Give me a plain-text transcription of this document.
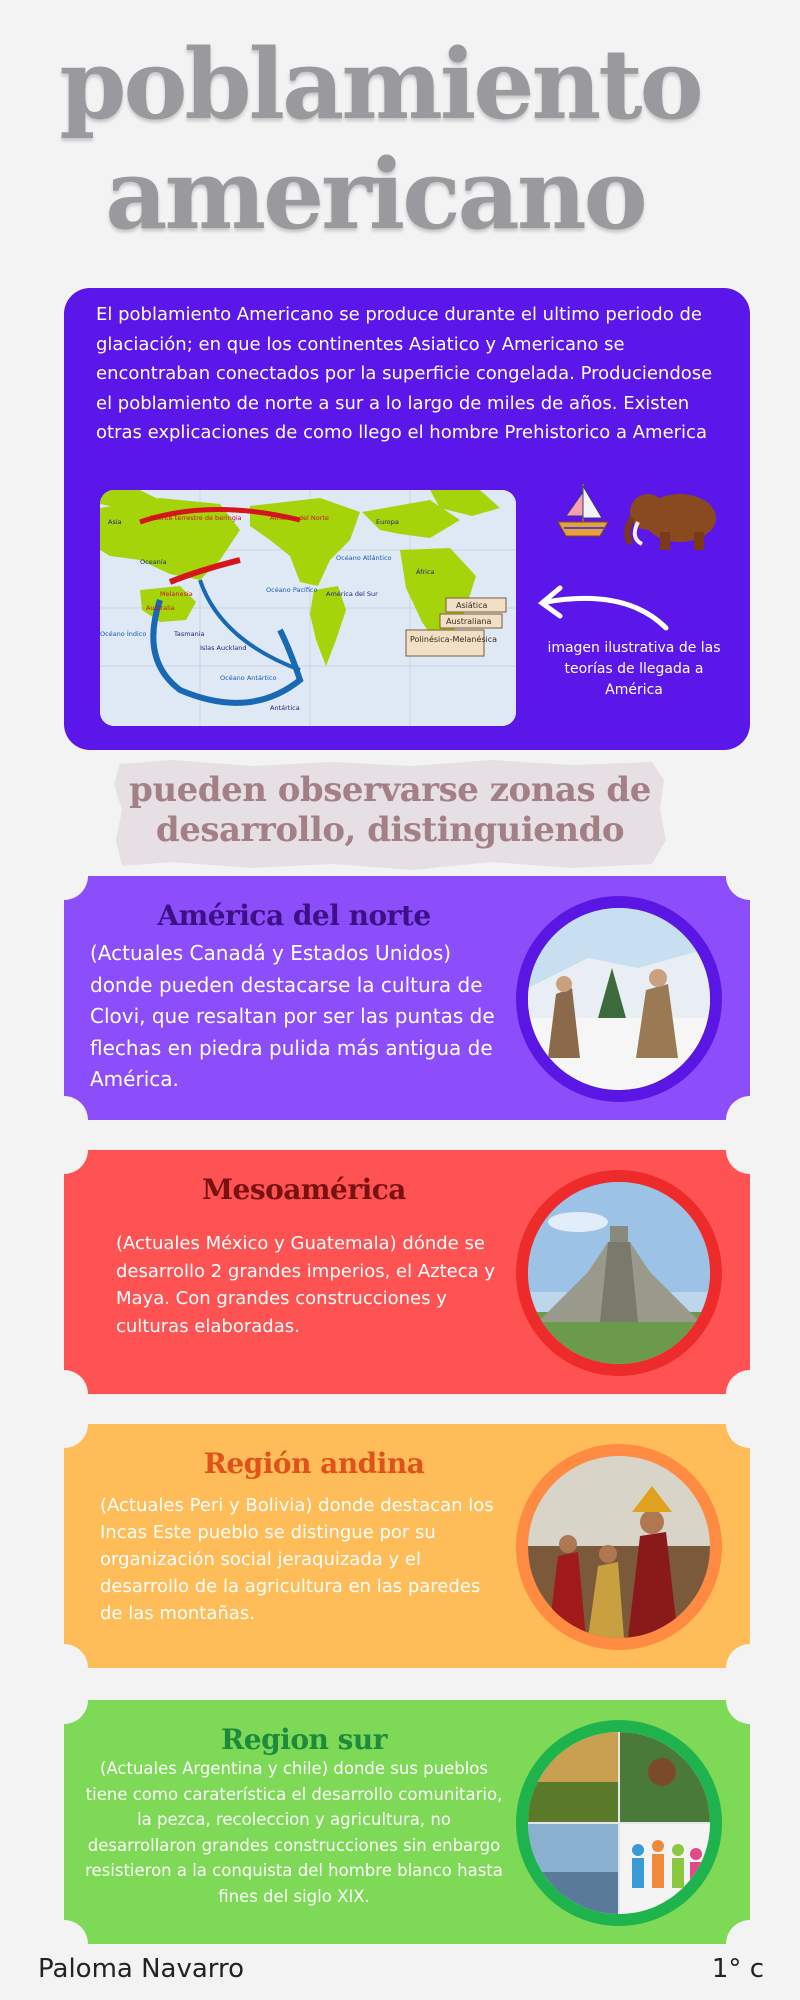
poblamiento
americano
El poblamiento Americano se produce durante el ultimo periodo de glaciación; en que los continentes Asiatico y Americano se encontraban conectados por la superficie congelada. Produciendose el poblamiento de norte a sur a lo largo de miles de años. Existen otras explicaciones de como llego el hombre Prehistorico a America
Asia	Puente terrestre de beringia	América del Norte	Europa
Oceanía	Océano Atlántico
África
Melanesia
Australia
Océano Pacífico América del Sur
Océano Índico	Tasmania
Islas Auckland
Océano Antártico
Antártica
Asiática
Australiana
Polinésica-Melanésica
imagen ilustrativa de las teorías de llegada a América
pueden observarse zonas de desarrollo, distinguiendo
América del norte
(Actuales Canadá y Estados Unidos) donde pueden destacarse la cultura de Clovi, que resaltan por ser las puntas de flechas en piedra pulida más antigua de América.
Mesoamérica
(Actuales México y Guatemala) dónde se desarrollo 2 grandes imperios, el Azteca y Maya. Con grandes construcciones y culturas elaboradas.
Región andina
(Actuales Peri y Bolivia) donde destacan los Incas Este pueblo se distingue por su organización social jeraquizada y el desarrollo de la agricultura en las paredes de las montañas.
Region sur
(Actuales Argentina y chile) donde sus pueblos tiene como caraterística el desarrollo comunitario, la pezca, recoleccion y agricultura, no desarrollaron grandes construcciones sin enbargo resistieron a la conquista del hombre blanco hasta fines del siglo XIX.
Paloma Navarro	1° c
